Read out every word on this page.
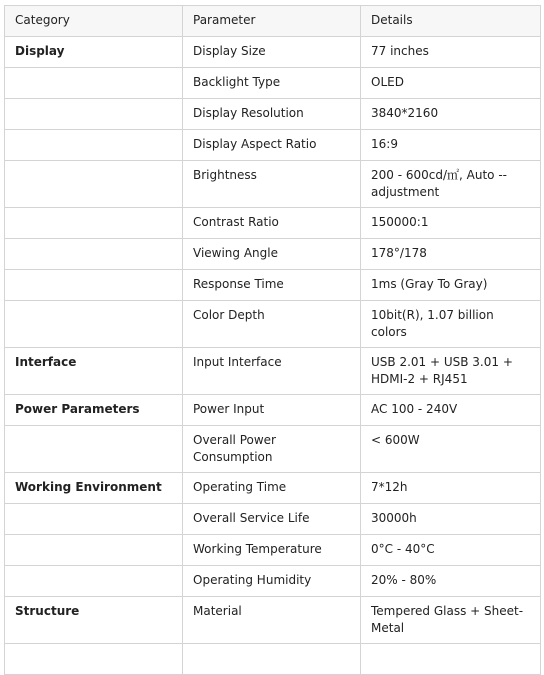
Category	Parameter	Details
Display	Display Size	77 inches
	Backlight Type	OLED
	Display Resolution	3840*2160
	Display Aspect Ratio	16:9
	Brightness	200 - 600cd/㎡, Auto --adjustment
	Contrast Ratio	150000:1
	Viewing Angle	178°/178
	Response Time	1ms (Gray To Gray)
	Color Depth	10bit(R), 1.07 billion colors
Interface	Input Interface	USB 2.01 + USB 3.01 + HDMI-2 + RJ451
Power Parameters	Power Input	AC 100 - 240V
	Overall Power Consumption	< 600W
Working Environment	Operating Time	7*12h
	Overall Service Life	30000h
	Working Temperature	0°C - 40°C
	Operating Humidity	20% - 80%
Structure	Material	Tempered Glass + Sheet-Metal
